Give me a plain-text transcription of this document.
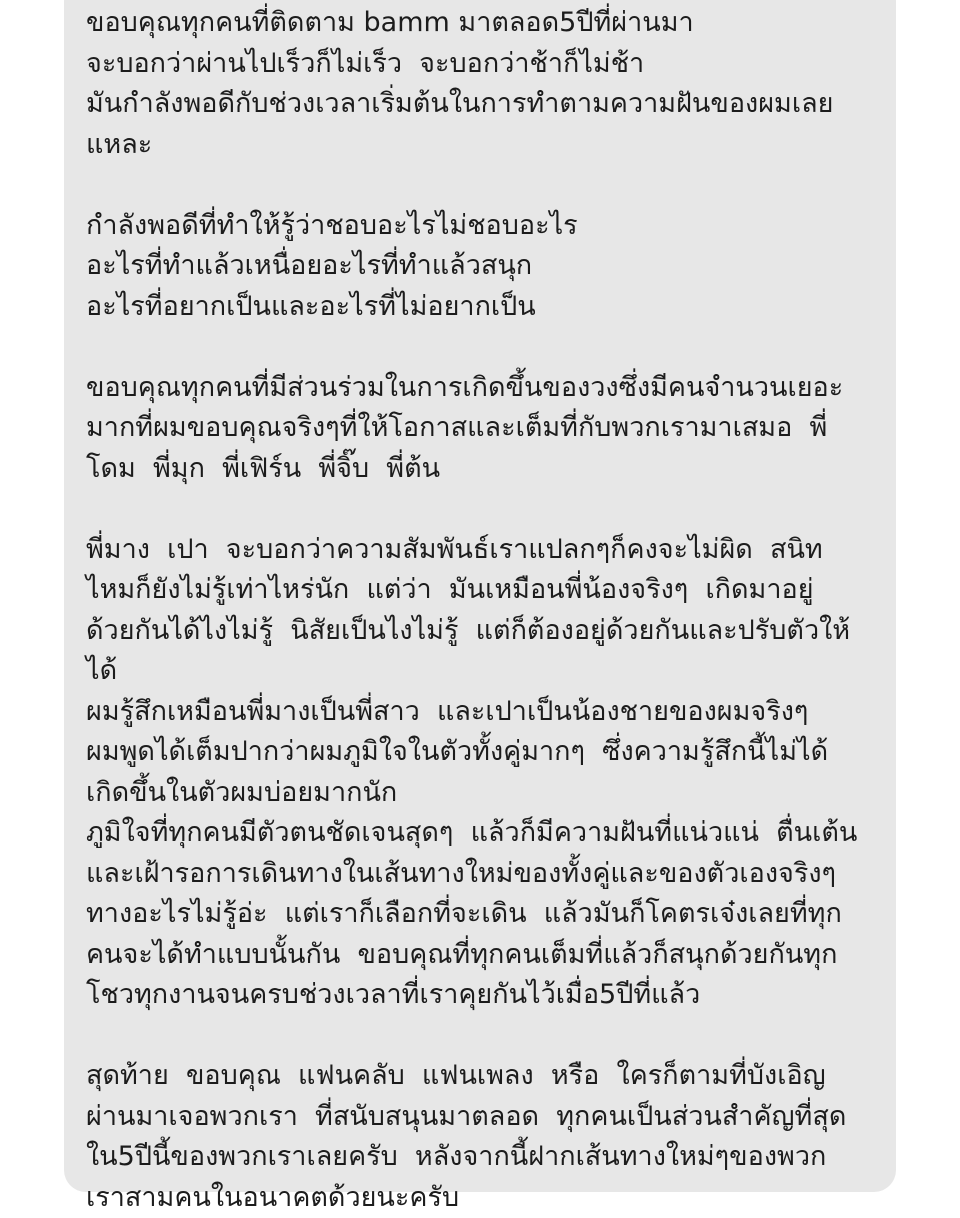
ขอบคุณทุกคนที่ติดตาม bamm มาตลอด5ปีที่ผ่านมา
จะบอกว่าผ่านไปเร็วก็ไม่เร็ว  จะบอกว่าช้าก็ไม่ช้า
มันกำลังพอดีกับช่วงเวลาเริ่มต้นในการทำตามความฝันของผมเลย
แหละ
กำลังพอดีที่ทำให้รู้ว่าชอบอะไรไม่ชอบอะไร
อะไรที่ทำแล้วเหนื่อยอะไรที่ทำแล้วสนุก
อะไรที่อยากเป็นและอะไรที่ไม่อยากเป็น
ขอบคุณทุกคนที่มีส่วนร่วมในการเกิดขึ้นของวงซึ่งมีคนจำนวนเยอะ
มากที่ผมขอบคุณจริงๆที่ให้โอกาสและเต็มที่กับพวกเรามาเสมอ  พี่
โดม  พี่มุก  พี่เฟิร์น  พี่จิ๊บ  พี่ต้น
พี่มาง  เปา  จะบอกว่าความสัมพันธ์เราแปลกๆก็คงจะไม่ผิด  สนิท
ไหมก็ยังไม่รู้เท่าไหร่นัก  แต่ว่า  มันเหมือนพี่น้องจริงๆ  เกิดมาอยู่
ด้วยกันได้ไงไม่รู้  นิสัยเป็นไงไม่รู้  แต่ก็ต้องอยู่ด้วยกันและปรับตัวให้
ได้
ผมรู้สึกเหมือนพี่มางเป็นพี่สาว  และเปาเป็นน้องชายของผมจริงๆ
ผมพูดได้เต็มปากว่าผมภูมิใจในตัวทั้งคู่มากๆ  ซึ่งความรู้สึกนี้ไม่ได้
เกิดขึ้นในตัวผมบ่อยมากนัก
ภูมิใจที่ทุกคนมีตัวตนชัดเจนสุดๆ  แล้วก็มีความฝันที่แน่วแน่  ตื่นเต้น
และเฝ้ารอการเดินทางในเส้นทางใหม่ของทั้งคู่และของตัวเองจริงๆ
ทางอะไรไม่รู้อ่ะ  แต่เราก็เลือกที่จะเดิน  แล้วมันก็โคตรเจ๋งเลยที่ทุก
คนจะได้ทำแบบนั้นกัน  ขอบคุณที่ทุกคนเต็มที่แล้วก็สนุกด้วยกันทุก
โชวทุกงานจนครบช่วงเวลาที่เราคุยกันไว้เมื่อ5ปีที่แล้ว
สุดท้าย  ขอบคุณ  แฟนคลับ  แฟนเพลง  หรือ  ใครก็ตามที่บังเอิญ
ผ่านมาเจอพวกเรา  ที่สนับสนุนมาตลอด  ทุกคนเป็นส่วนสำคัญที่สุด
ใน5ปีนี้ของพวกเราเลยครับ  หลังจากนี้ฝากเส้นทางใหม่ๆของพวก
เราสามคนในอนาคตด้วยนะครับ
